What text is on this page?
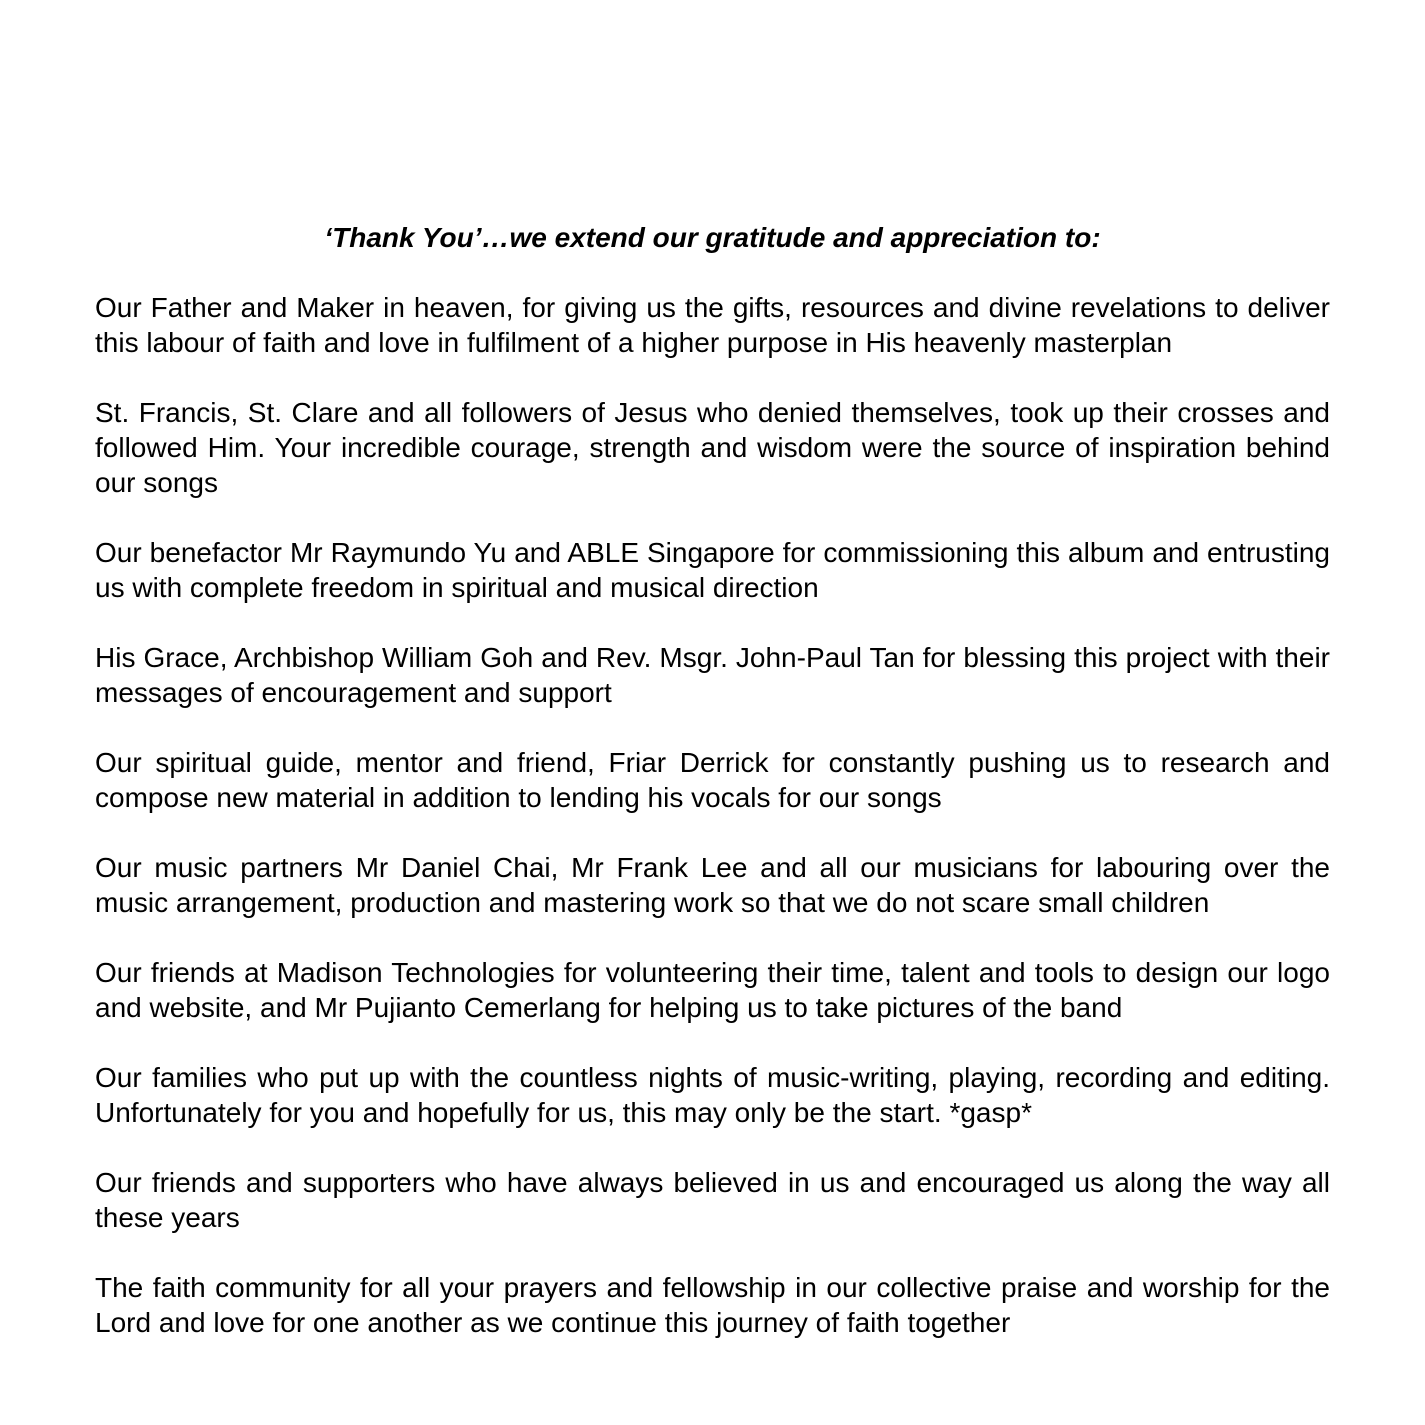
‘Thank You’…we extend our gratitude and appreciation to:

Our Father and Maker in heaven, for giving us the gifts, resources and divine revelations to deliver this labour of faith and love in fulfilment of a higher purpose in His heavenly masterplan

St. Francis, St. Clare and all followers of Jesus who denied themselves, took up their crosses and followed Him. Your incredible courage, strength and wisdom were the source of inspiration behind our songs

Our benefactor Mr Raymundo Yu and ABLE Singapore for commissioning this album and entrusting us with complete freedom in spiritual and musical direction

His Grace, Archbishop William Goh and Rev. Msgr. John-Paul Tan for blessing this project with their messages of encouragement and support

Our spiritual guide, mentor and friend, Friar Derrick for constantly pushing us to research and compose new material in addition to lending his vocals for our songs

Our music partners Mr Daniel Chai, Mr Frank Lee and all our musicians for labouring over the music arrangement, production and mastering work so that we do not scare small children

Our friends at Madison Technologies for volunteering their time, talent and tools to design our logo and website, and Mr Pujianto Cemerlang for helping us to take pictures of the band

Our families who put up with the countless nights of music-writing, playing, recording and editing. Unfortunately for you and hopefully for us, this may only be the start. *gasp*

Our friends and supporters who have always believed in us and encouraged us along the way all these years

The faith community for all your prayers and fellowship in our collective praise and worship for the Lord and love for one another as we continue this journey of faith together
